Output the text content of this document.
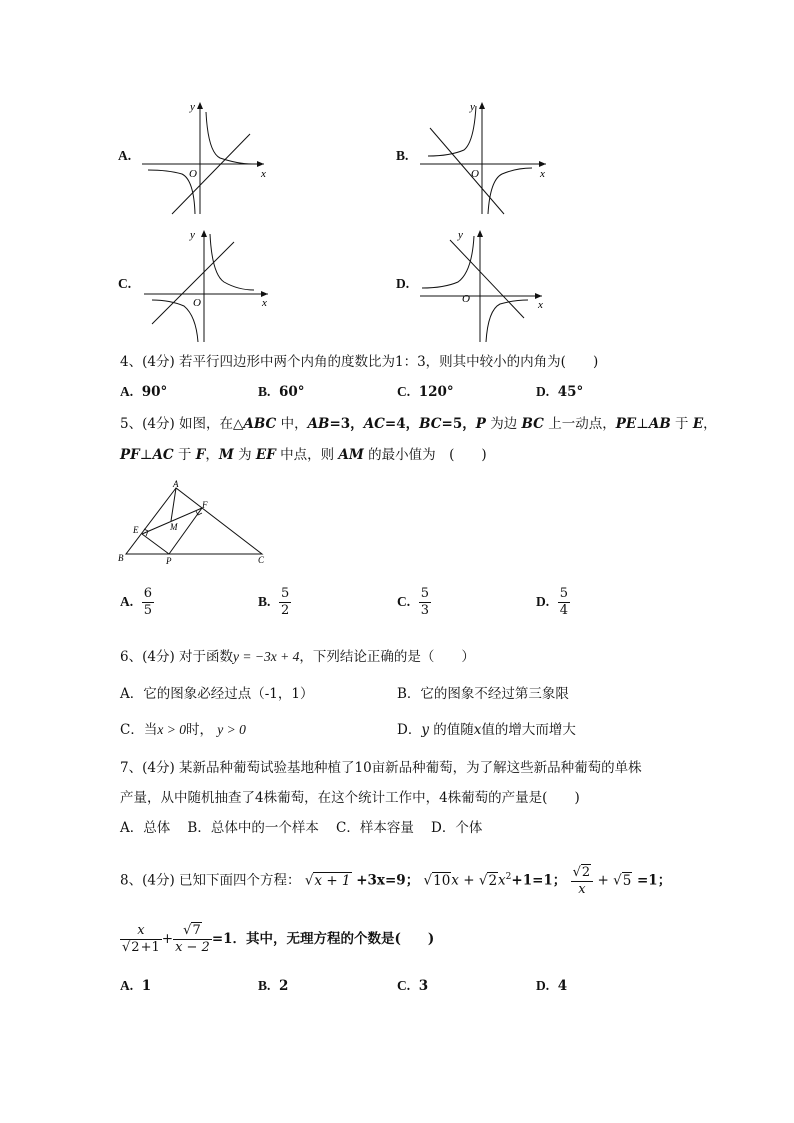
A.
y
x
O
B.
y
x
O
C.
y
x
O
D.
y
x
O
4、(4分) 若平行四边形中两个内角的度数比为1：3，则其中较小的内角为(　　)
A. 90°	B. 60°	C. 120°	D. 45°
5、(4分) 如图，在△ABC 中，AB=3，AC=4，BC=5，P 为边 BC 上一动点，PE⊥AB 于 E，
PF⊥AC 于 F，M 为 EF 中点，则 AM 的最小值为　(　　)
A
B	C
E
F
M
P
A. $\frac{6}{5}$	B. $\frac{5}{2}$	C. $\frac{5}{3}$	D. $\frac{5}{4}$
6、(4分) 对于函数y = −3x + 4，下列结论正确的是（　　）
A．它的图象必经过点（-1，1）	B．它的图象不经过第三象限
C．当x > 0时， y > 0	D．y 的值随x值的增大而增大
7、(4分) 某新品种葡萄试验基地种植了10亩新品种葡萄，为了解这些新品种葡萄的单株
产量，从中随机抽查了4株葡萄，在这个统计工作中，4株葡萄的产量是(　　)
A．总体 B．总体中的一个样本 C．样本容量 D．个体
8、(4分) 已知下面四个方程： √x + 1 +3x=9； $√10x + √2x^2+1=1$； $\frac{√2}{x} + √5 =1$；
$\frac{x}{√2+1} + \frac{√7}{x - 2} =1$．其中，无理方程的个数是(　　)
A. 1	B. 2	C. 3	D. 4
